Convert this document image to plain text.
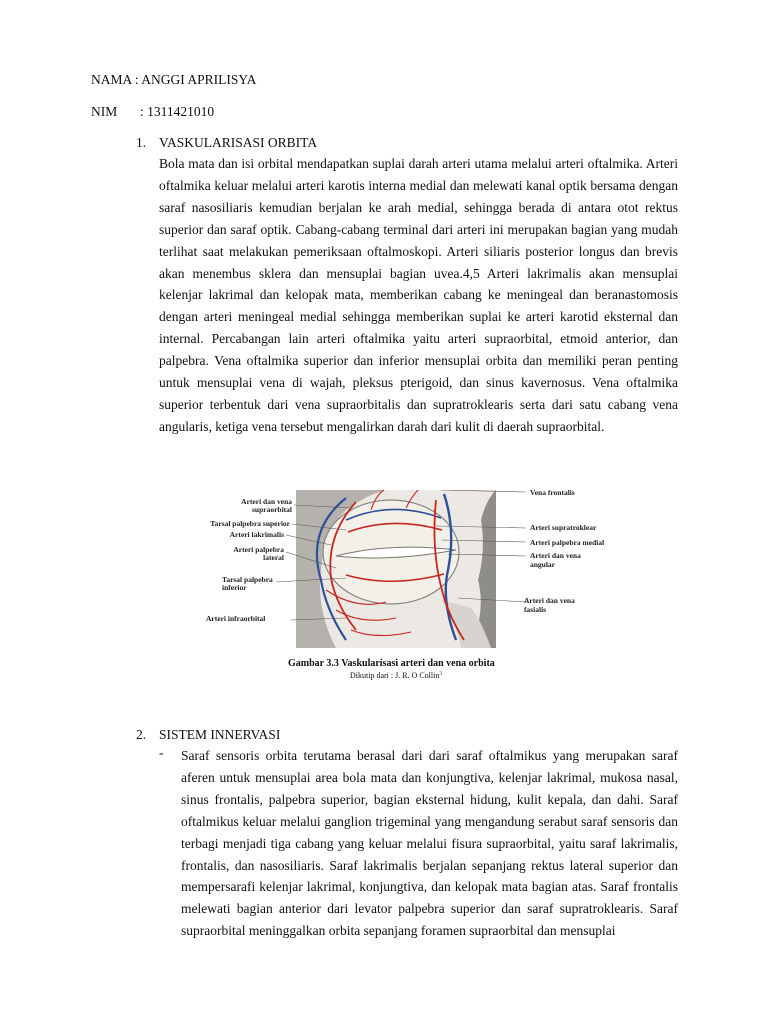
NAMA : ANGGI APRILISYA
NIM : 1311421010
1. VASKULARISASI ORBITA

Bola mata dan isi orbital mendapatkan suplai darah arteri utama melalui arteri oftalmika. Arteri oftalmika keluar melalui arteri karotis interna medial dan melewati kanal optik bersama dengan saraf nasosiliaris kemudian berjalan ke arah medial, sehingga berada di antara otot rektus superior dan saraf optik. Cabang-cabang terminal dari arteri ini merupakan bagian yang mudah terlihat saat melakukan pemeriksaan oftalmoskopi. Arteri siliaris posterior longus dan brevis akan menembus sklera dan mensuplai bagian uvea.4,5 Arteri lakrimalis akan mensuplai kelenjar lakrimal dan kelopak mata, memberikan cabang ke meningeal dan beranastomosis dengan arteri meningeal medial sehingga memberikan suplai ke arteri karotid eksternal dan internal. Percabangan lain arteri oftalmika yaitu arteri supraorbital, etmoid anterior, dan palpebra. Vena oftalmika superior dan inferior mensuplai orbita dan memiliki peran penting untuk mensuplai vena di wajah, pleksus pterigoid, dan sinus kavernosus. Vena oftalmika superior terbentuk dari vena supraorbitalis dan supratroklearis serta dari satu cabang vena angularis, ketiga vena tersebut mengalirkan darah dari kulit di daerah supraorbital.

Arteri dan vena
supraorbital
Tarsal palpebra superior
Arteri lakrimalis
Arteri palpebra
lateral
Tarsal palpebra
inferior
Arteri infraorbital
Vena frontalis
Arteri supratroklear
Arteri palpebra medial
Arteri dan vena
angular
Arteri dan vena
fasialis
Gambar 3.3 Vaskularisasi arteri dan vena orbita
Dikutip dari : J. R. O Collin$^3$
2. SISTEM INNERVASI
- Saraf sensoris orbita terutama berasal dari dari saraf oftalmikus yang merupakan saraf aferen untuk mensuplai area bola mata dan konjungtiva, kelenjar lakrimal, mukosa nasal, sinus frontalis, palpebra superior, bagian eksternal hidung, kulit kepala, dan dahi. Saraf oftalmikus keluar melalui ganglion trigeminal yang mengandung serabut saraf sensoris dan terbagi menjadi tiga cabang yang keluar melalui fisura supraorbital, yaitu saraf lakrimalis, frontalis, dan nasosiliaris. Saraf lakrimalis berjalan sepanjang rektus lateral superior dan mempersarafi kelenjar lakrimal, konjungtiva, dan kelopak mata bagian atas. Saraf frontalis melewati bagian anterior dari levator palpebra superior dan saraf supratroklearis. Saraf supraorbital meninggalkan orbita sepanjang foramen supraorbital dan mensuplai
